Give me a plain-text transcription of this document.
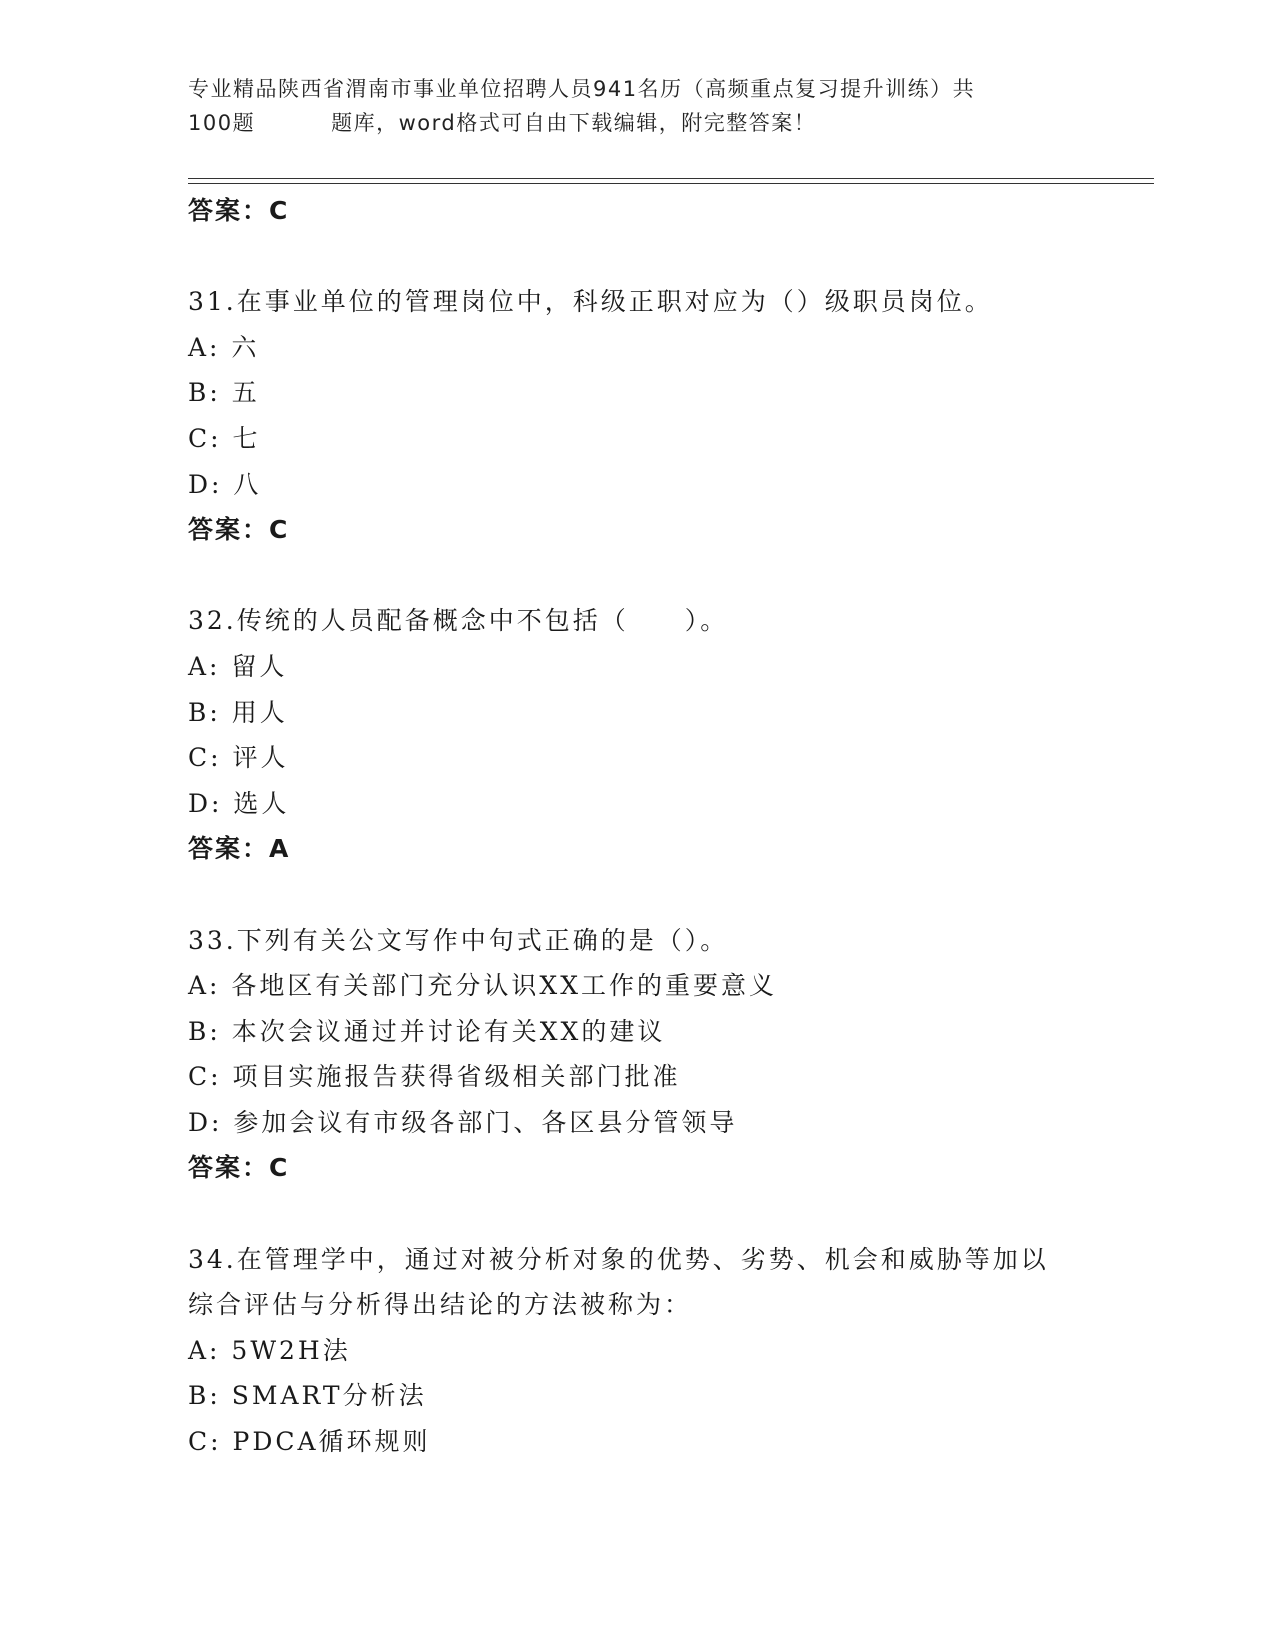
专业精品陕西省渭南市事业单位招聘人员941名历（高频重点复习提升训练）共
100题	题库，word格式可自由下载编辑，附完整答案！
答案：C
31.在事业单位的管理岗位中，科级正职对应为（）级职员岗位。
A: 六
B: 五
C: 七
D: 八
答案：C
32.传统的人员配备概念中不包括（　　）。
A: 留人
B: 用人
C: 评人
D: 选人
答案：A
33.下列有关公文写作中句式正确的是（）。
A: 各地区有关部门充分认识XX工作的重要意义
B: 本次会议通过并讨论有关XX的建议
C: 项目实施报告获得省级相关部门批准
D: 参加会议有市级各部门、各区县分管领导
答案：C
34.在管理学中，通过对被分析对象的优势、劣势、机会和威胁等加以
综合评估与分析得出结论的方法被称为：
A: 5W2H法
B: SMART分析法
C: PDCA循环规则
